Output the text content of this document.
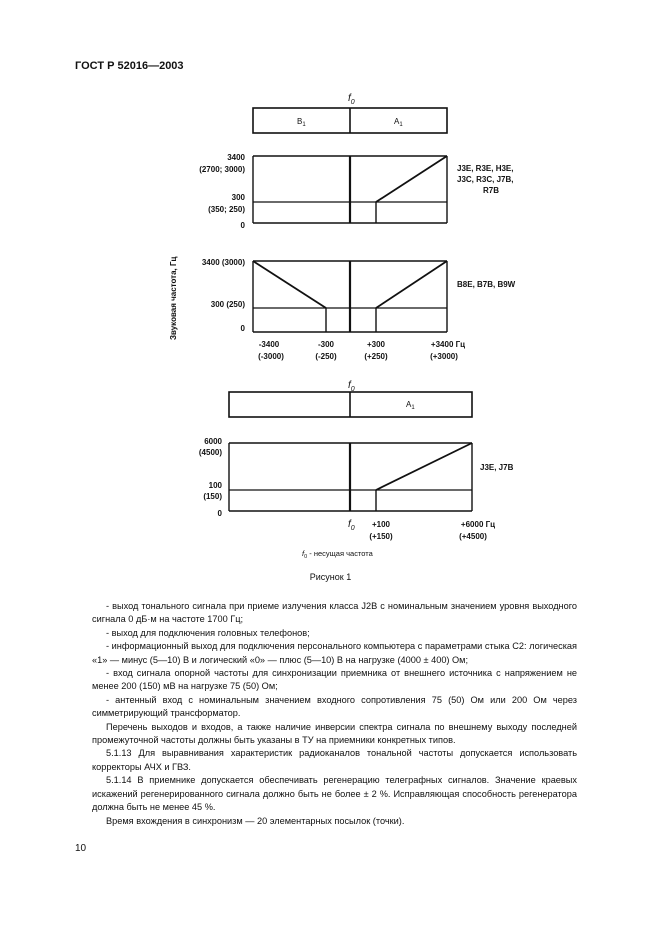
ГОСТ Р 52016—2003
$f_0$
$B_1$	$A_1$
3400
(2700; 3000)
300
(350; 250)
0
J3E, R3E, H3E,
J3C, R3C, J7B,
R7B
Звуковая частота, Гц	3400 (3000)
300 (250)
0
B8E, B7B, B9W
-3400
(-3000)
-300
(-250)
+300
(+250)
+3400 Гц
(+3000)
$f_0$
$A_1$
6000
(4500)
100
(150)
0
J3E, J7B
$f_0 +100$
(+150)
+6000 Гц
(+4500)
$f_0$ - несущая частота
Рисунок 1

- выход тонального сигнала при приеме излучения класса J2B с номинальным значением уровня выходного сигнала 0 дБ·м на частоте 1700 Гц;

- выход для подключения головных телефонов;

- информационный выход для подключения персонального компьютера с параметрами стыка С2: логическая «1» — минус (5—10) В и логический «0» — плюс (5—10) В на нагрузке (4000 ± 400) Ом;

- вход сигнала опорной частоты для синхронизации приемника от внешнего источника с напряжением не менее 200 (150) мВ на нагрузке 75 (50) Ом;

- антенный вход с номинальным значением входного сопротивления 75 (50) Ом или 200 Ом через симметрирующий трансформатор.

Перечень выходов и входов, а также наличие инверсии спектра сигнала по внешнему выходу последней промежуточной частоты должны быть указаны в ТУ на приемники конкретных типов.

5.1.13 Для выравнивания характеристик радиоканалов тональной частоты допускается использовать корректоры АЧХ и ГВЗ.

5.1.14 В приемнике допускается обеспечивать регенерацию телеграфных сигналов. Значение краевых искажений регенерированного сигнала должно быть не более ± 2 %. Исправляющая способность регенератора должна быть не менее 45 %.

Время вхождения в синхронизм — 20 элементарных посылок (точки).

10
